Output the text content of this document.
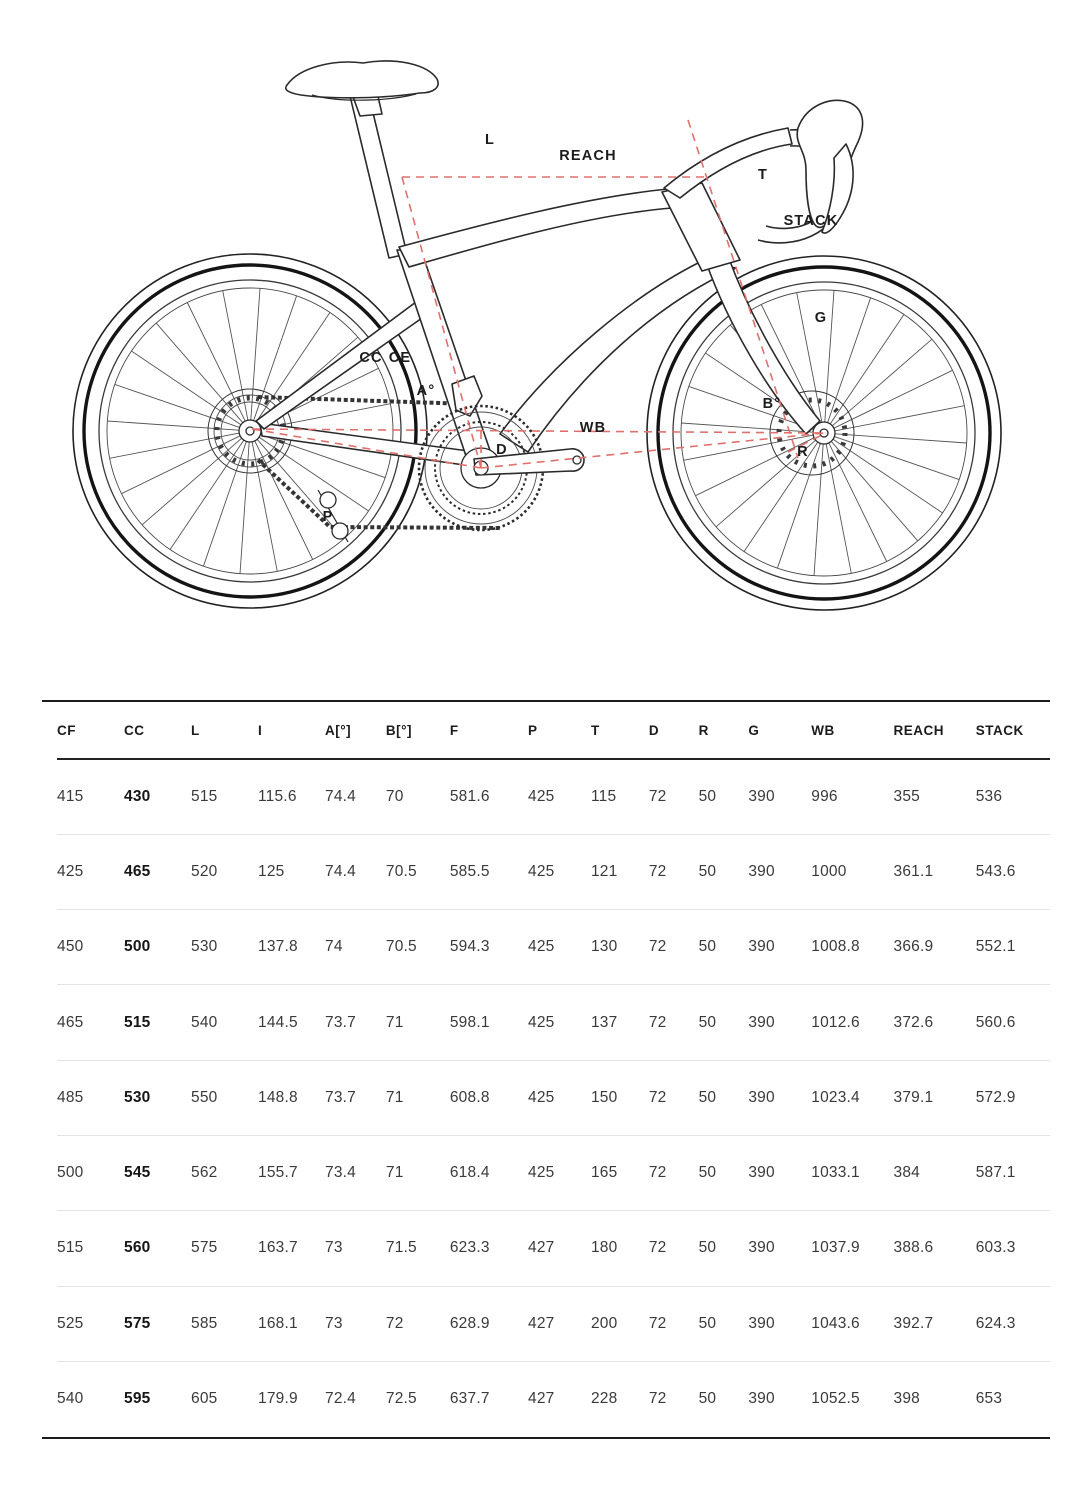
L
REACH
T
STACK
G
CC CE
A°
B°
WB
D	R
P
CF	CC	L	I	A[°]	B[°]	F	P	T	D	R	G	WB	REACH	STACK
415	430	515	115.6	74.4	70	581.6	425	115	72	50	390	996	355	536
425	465	520	125	74.4	70.5	585.5	425	121	72	50	390	1000	361.1	543.6
450	500	530	137.8	74	70.5	594.3	425	130	72	50	390	1008.8	366.9	552.1
465	515	540	144.5	73.7	71	598.1	425	137	72	50	390	1012.6	372.6	560.6
485	530	550	148.8	73.7	71	608.8	425	150	72	50	390	1023.4	379.1	572.9
500	545	562	155.7	73.4	71	618.4	425	165	72	50	390	1033.1	384	587.1
515	560	575	163.7	73	71.5	623.3	427	180	72	50	390	1037.9	388.6	603.3
525	575	585	168.1	73	72	628.9	427	200	72	50	390	1043.6	392.7	624.3
540	595	605	179.9	72.4	72.5	637.7	427	228	72	50	390	1052.5	398	653
